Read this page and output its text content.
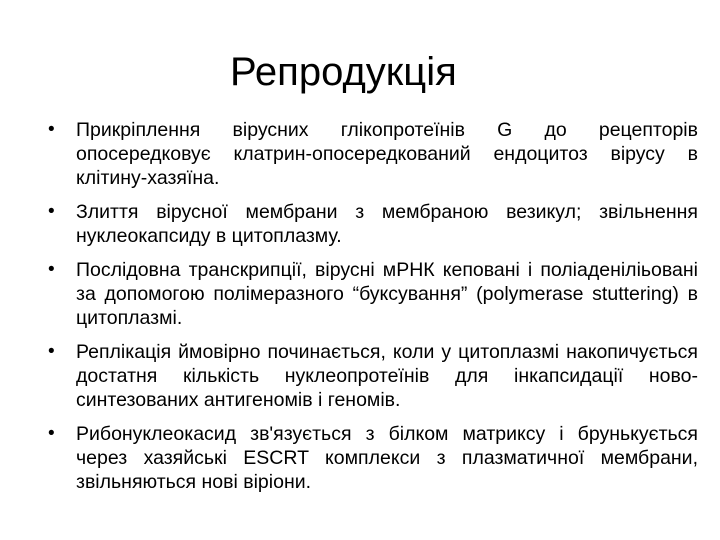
Репродукція
•	Прикріплення вірусних глікопротеїнів G до рецепторів опосередковує клатрин-опосередкований ендоцитоз вірусу в клітину-хазяїна.
•	Злиття вірусної мембрани з мембраною везикул; звільнення нуклеокапсиду в цитоплазму.
•	Послідовна транскрипції, вірусні мРНК кеповані і поліаденіліьовані за допомогою полімеразного “буксування” (polymerase stuttering) в цитоплазмі.
•	Реплікація ймовірно починається, коли у цитоплазмі накопичується достатня кількість нуклеопротеїнів для інкапсидації ново-синтезованих антигеномів і геномів.
•	Рибонуклеокасид зв'язується з білком матриксу і брунькується через хазяйські ESCRT комплекси з плазматичної мембрани, звільняються нові віріони.
